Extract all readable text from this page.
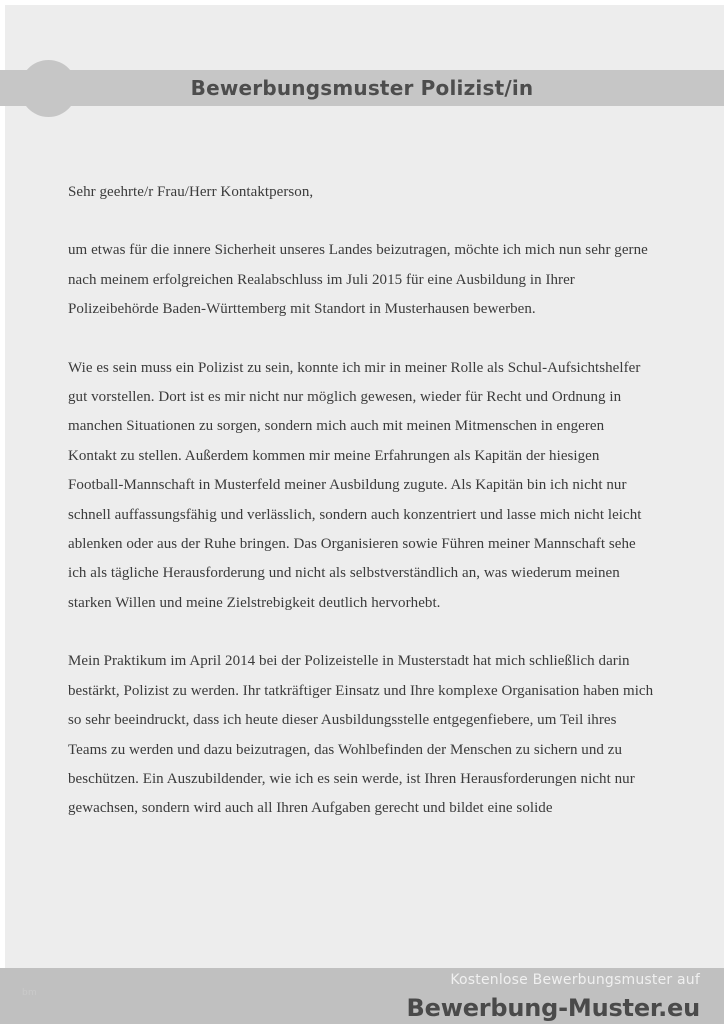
Bewerbungsmuster Polizist/in

Sehr geehrte/r Frau/Herr Kontaktperson,

um etwas für die innere Sicherheit unseres Landes beizutragen, möchte ich mich nun sehr gerne nach meinem erfolgreichen Realabschluss im Juli 2015 für eine Ausbildung in Ihrer Polizeibehörde Baden-Württemberg mit Standort in Musterhausen bewerben.

Wie es sein muss ein Polizist zu sein, konnte ich mir in meiner Rolle als Schul-Aufsichtshelfer gut vorstellen. Dort ist es mir nicht nur möglich gewesen, wieder für Recht und Ordnung in manchen Situationen zu sorgen, sondern mich auch mit meinen Mitmenschen in engeren Kontakt zu stellen. Außerdem kommen mir meine Erfahrungen als Kapitän der hiesigen Football-Mannschaft in Musterfeld meiner Ausbildung zugute. Als Kapitän bin ich nicht nur schnell auffassungsfähig und verlässlich, sondern auch konzentriert und lasse mich nicht leicht ablenken oder aus der Ruhe bringen. Das Organisieren sowie Führen meiner Mannschaft sehe ich als tägliche Herausforderung und nicht als selbstverständlich an, was wiederum meinen starken Willen und meine Zielstrebigkeit deutlich hervorhebt.

Mein Praktikum im April 2014 bei der Polizeistelle in Musterstadt hat mich schließlich darin bestärkt, Polizist zu werden. Ihr tatkräftiger Einsatz und Ihre komplexe Organisation haben mich so sehr beeindruckt, dass ich heute dieser Ausbildungsstelle entgegenfiebere, um Teil ihres Teams zu werden und dazu beizutragen, das Wohlbefinden der Menschen zu sichern und zu beschützen. Ein Auszubildender, wie ich es sein werde, ist Ihren Herausforderungen nicht nur gewachsen, sondern wird auch all Ihren Aufgaben gerecht und bildet eine solide

bm
Kostenlose Bewerbungsmuster auf
Bewerbung-Muster.eu
